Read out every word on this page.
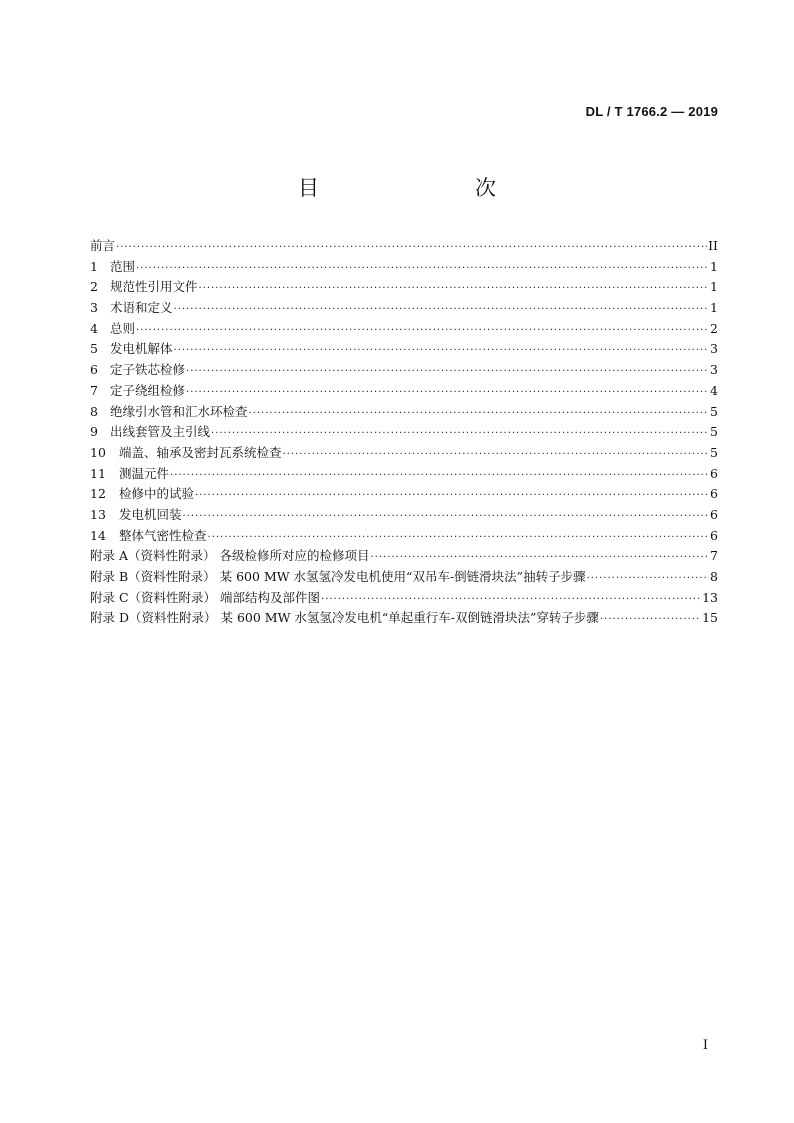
DL / T 1766.2 — 2019
目　　次
前言 ·····	II
1 范围 ·····	1
2 规范性引用文件 ·····	1
3 术语和定义 ·····	1
4 总则 ·····	2
5 发电机解体 ·····	3
6 定子铁芯检修 ·····	3
7 定子绕组检修 ·····	4
8 绝缘引水管和汇水环检查 ·····	5
9 出线套管及主引线 ·····	5
10	端盖、轴承及密封瓦系统检查 ·····	5
11	测温元件 ·····	6
12	检修中的试验 ·····	6
13	发电机回装 ·····	6
14	整体气密性检查 ·····	6
附录 A（资料性附录） 各级检修所对应的检修项目 ·····	7
附录 B（资料性附录） 某 600 MW 水氢氢冷发电机使用“双吊车-倒链滑块法”抽转子步骤 ·····	8
附录 C（资料性附录） 端部结构及部件图 ·····	13
附录 D（资料性附录） 某 600 MW 水氢氢冷发电机“单起重行车-双倒链滑块法”穿转子步骤 ·····	15
I
